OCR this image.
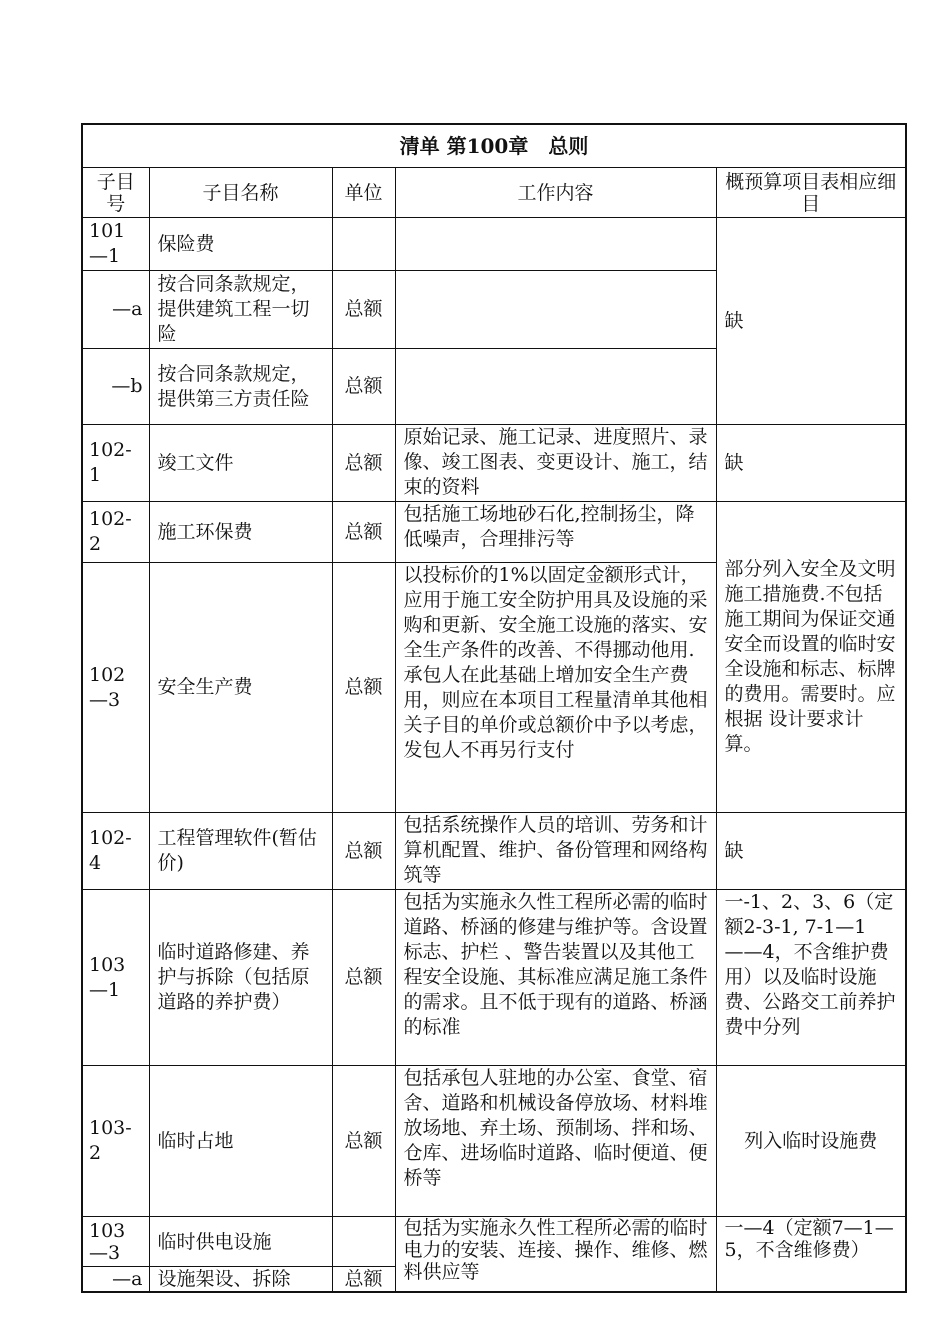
清单 第100章　总则				
子目号	子目名称	单位	工作内容	概预算项目表相应细目
101—1	保险费			缺
—a	按合同条款规定，提供建筑工程一切险	总额		
—b	按合同条款规定，提供第三方责任险	总额		
102-1	竣工文件	总额	原始记录、施工记录、进度照片、录像、竣工图表、变更设计、施工，结束的资料	缺
102-2	施工环保费	总额	包括施工场地砂石化,控制扬尘，降低噪声，合理排污等	部分列入安全及文明施工措施费.不包括施工期间为保证交通安全而设置的临时安全设施和标志、标牌的费用。需要时。应根据 设计要求计算。
102—3	安全生产费	总额	以投标价的1%以固定金额形式计，应用于施工安全防护用具及设施的采购和更新、安全施工设施的落实、安全生产条件的改善、不得挪动他用.承包人在此基础上增加安全生产费用，则应在本项目工程量清单其他相关子目的单价或总额价中予以考虑，发包人不再另行支付	
102-4	工程管理软件(暂估价)	总额	包括系统操作人员的培训、劳务和计算机配置、维护、备份管理和网络构筑等	缺
103—1	临时道路修建、养护与拆除（包括原道路的养护费）	总额	包括为实施永久性工程所必需的临时道路、桥涵的修建与维护等。含设置标志、护栏 、警告装置以及其他工程安全设施、其标准应满足施工条件的需求。且不低于现有的道路、桥涵的标准	一-1、2、3、6（定额2-3-1, 7-1—1——4，不含维护费用）以及临时设施费、公路交工前养护费中分列
103-2	临时占地	总额	包括承包人驻地的办公室、食堂、宿舍、道路和机械设备停放场、材料堆放场地、弃土场、预制场、拌和场、仓库、进场临时道路、临时便道、便桥等	列入临时设施费
103—3	临时供电设施		包括为实施永久性工程所必需的临时电力的安装、连接、操作、维修、燃料供应等	一—4（定额7—1—5，不含维修费）
—a	设施架设、拆除	总额		
